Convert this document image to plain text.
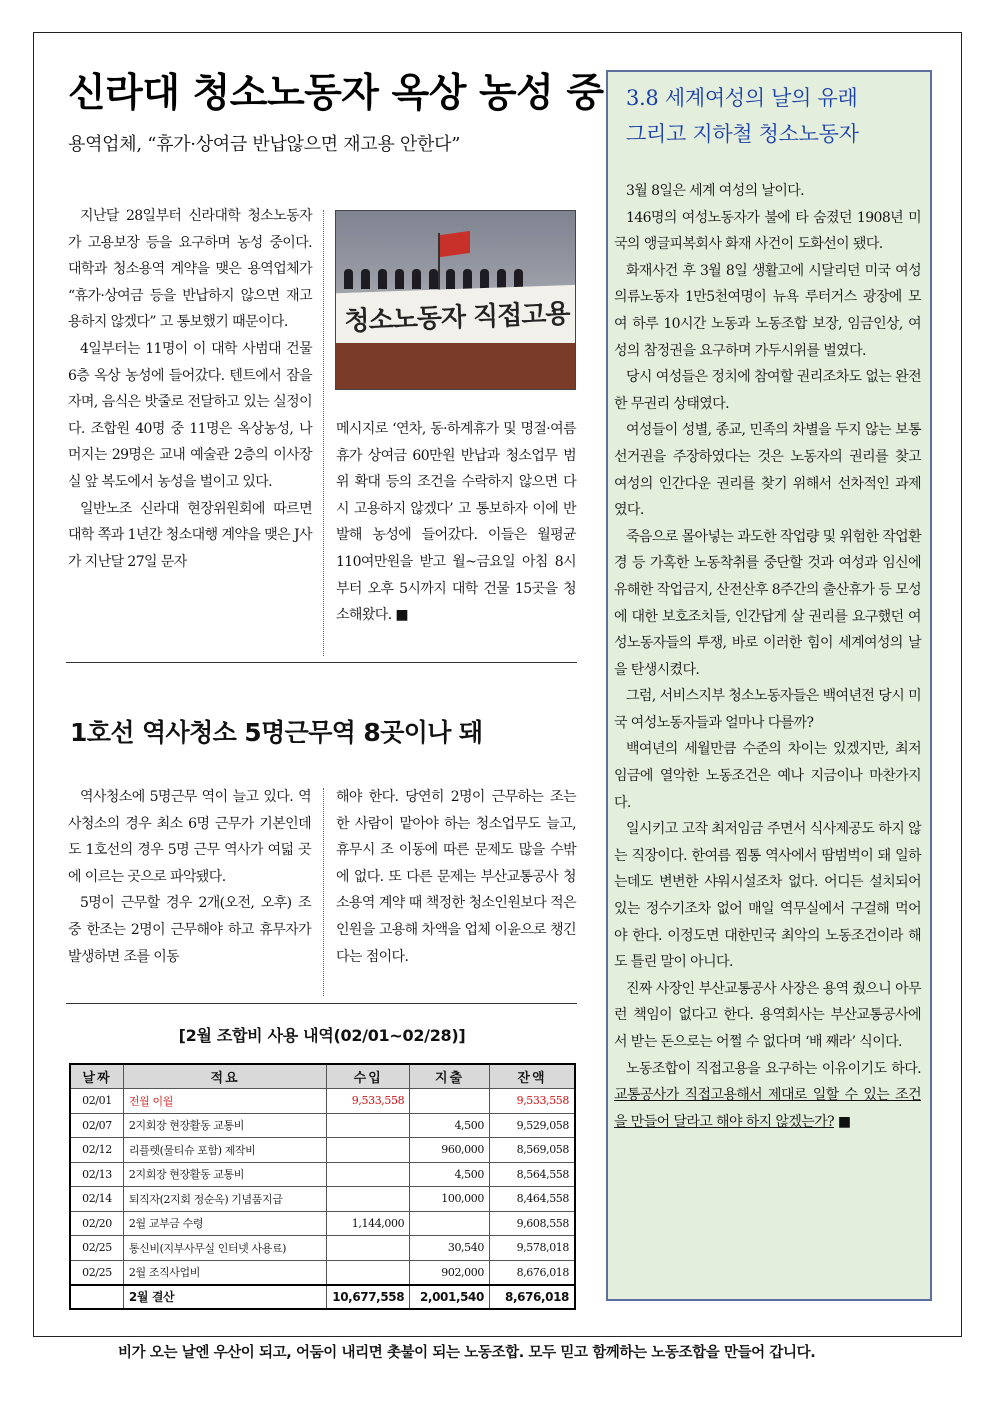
신라대 청소노동자 옥상 농성 중
용역업체, “휴가·상여금 반납않으면 재고용 안한다”

지난달 28일부터 신라대학 청소노동자가 고용보장 등을 요구하며 농성 중이다. 대학과 청소용역 계약을 맺은 용역업체가 “휴가·상여금 등을 반납하지 않으면 재고용하지 않겠다” 고 통보했기 때문이다.

4일부터는 11명이 이 대학 사범대 건물 6층 옥상 농성에 들어갔다. 텐트에서 잠을 자며, 음식은 밧줄로 전달하고 있는 실정이다. 조합원 40명 중 11명은 옥상농성, 나머지는 29명은 교내 예술관 2층의 이사장실 앞 복도에서 농성을 벌이고 있다.

일반노조 신라대 현장위원회에 따르면 대학 쪽과 1년간 청소대행 계약을 맺은 J사가 지난달 27일 문자

청소노동자 직접고용

메시지로 ‘연차, 동·하계휴가 및 명절·여름휴가 상여금 60만원 반납과 청소업무 범위 확대 등의 조건을 수락하지 않으면 다시 고용하지 않겠다’ 고 통보하자 이에 반발해 농성에 들어갔다. 이들은 월평균 110여만원을 받고 월~금요일 아침 8시부터 오후 5시까지 대학 건물 15곳을 청소해왔다. ■

1호선 역사청소 5명근무역 8곳이나 돼

역사청소에 5명근무 역이 늘고 있다. 역사청소의 경우 최소 6명 근무가 기본인데도 1호선의 경우 5명 근무 역사가 여덟 곳에 이르는 곳으로 파악됐다.

5명이 근무할 경우 2개(오전, 오후) 조 중 한조는 2명이 근무해야 하고 휴무자가 발생하면 조를 이동

해야 한다. 당연히 2명이 근무하는 조는 한 사람이 맡아야 하는 청소업무도 늘고, 휴무시 조 이동에 따른 문제도 많을 수밖에 없다. 또 다른 문제는 부산교통공사 청소용역 계약 때 책정한 청소인원보다 적은 인원을 고용해 차액을 업체 이윤으로 챙긴다는 점이다.

[2월 조합비 사용 내역(02/01~02/28)]
날짜	적요	수입	지출	잔액
02/01	전월 이월	9,533,558		9,533,558
02/07	2지회장 현장활동 교통비		4,500	9,529,058
02/12	리플렛(물티슈 포함) 제작비		960,000	8,569,058
02/13	2지회장 현장활동 교통비		4,500	8,564,558
02/14	퇴직자(2지회 정순옥) 기념품지급		100,000	8,464,558
02/20	2월 교부금 수령	1,144,000		9,608,558
02/25	통신비(지부사무실 인터넷 사용료)		30,540	9,578,018
02/25	2월 조직사업비		902,000	8,676,018
	2월 결산	10,677,558	2,001,540	8,676,018
3.8 세계여성의 날의 유래
그리고 지하철 청소노동자

3월 8일은 세계 여성의 날이다.

146명의 여성노동자가 불에 타 숨졌던 1908년 미국의 앵글피복회사 화재 사건이 도화선이 됐다.

화재사건 후 3월 8일 생활고에 시달리던 미국 여성 의류노동자 1만5천여명이 뉴욕 루터거스 광장에 모여 하루 10시간 노동과 노동조합 보장, 임금인상, 여성의 참정권을 요구하며 가두시위를 벌였다.

당시 여성들은 정치에 참여할 권리조차도 없는 완전한 무권리 상태였다.

여성들이 성별, 종교, 민족의 차별을 두지 않는 보통선거권을 주장하였다는 것은 노동자의 권리를 찾고 여성의 인간다운 권리를 찾기 위해서 선차적인 과제였다.

죽음으로 몰아넣는 과도한 작업량 및 위험한 작업환경 등 가혹한 노동착취를 중단할 것과 여성과 임신에 유해한 작업금지, 산전산후 8주간의 출산휴가 등 모성에 대한 보호조치들, 인간답게 살 권리를 요구했던 여성노동자들의 투쟁, 바로 이러한 힘이 세계여성의 날을 탄생시켰다.

그럼, 서비스지부 청소노동자들은 백여년전 당시 미국 여성노동자들과 얼마나 다를까?

백여년의 세월만큼 수준의 차이는 있겠지만, 최저 임금에 열악한 노동조건은 예나 지금이나 마찬가지다.

일시키고 고작 최저임금 주면서 식사제공도 하지 않는 직장이다. 한여름 찜통 역사에서 땀범벅이 돼 일하는데도 변변한 샤워시설조차 없다. 어디든 설치되어 있는 정수기조차 없어 매일 역무실에서 구걸해 먹어야 한다. 이정도면 대한민국 최악의 노동조건이라 해도 틀린 말이 아니다.

진짜 사장인 부산교통공사 사장은 용역 줬으니 아무런 책임이 없다고 한다. 용역회사는 부산교통공사에서 받는 돈으로는 어쩔 수 없다며 ‘배 째라’ 식이다.

노동조합이 직접고용을 요구하는 이유이기도 하다. 교통공사가 직접고용해서 제대로 일할 수 있는 조건을 만들어 달라고 해야 하지 않겠는가? ■

비가 오는 날엔 우산이 되고, 어둠이 내리면 촛불이 되는 노동조합. 모두 믿고 함께하는 노동조합을 만들어 갑니다.
